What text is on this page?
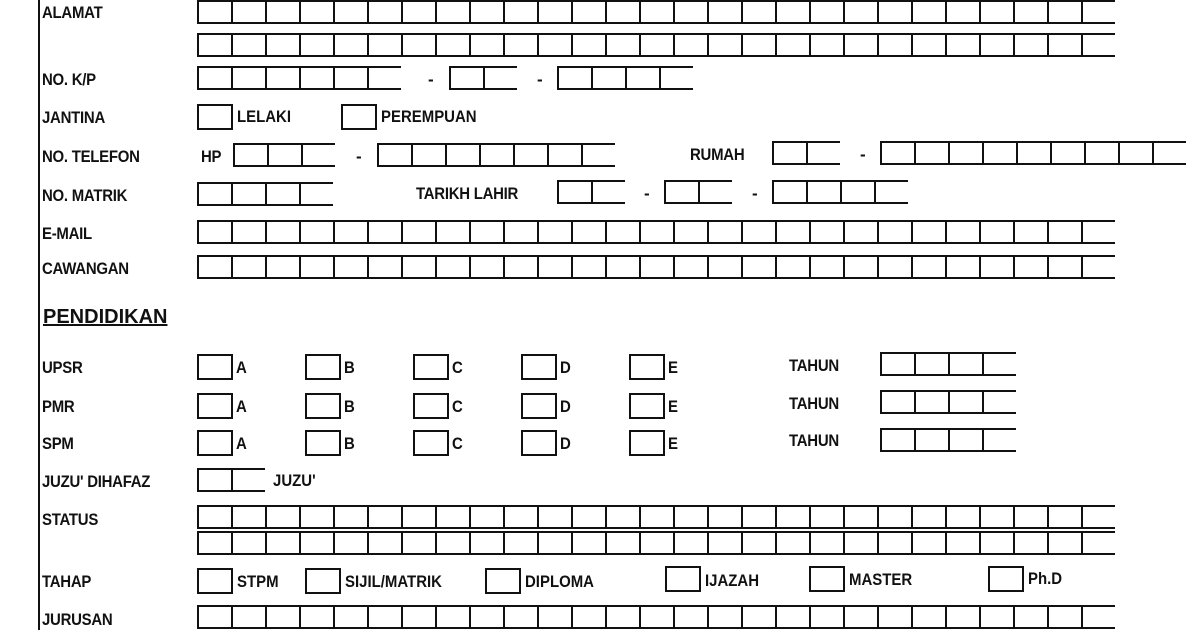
ALAMAT
NO. K/P	-	-
JANTINA	LELAKI	PEREMPUAN
NO. TELEFON	HP	-	RUMAH	-
NO. MATRIK	TARIKH LAHIR	-	-
E-MAIL
CAWANGAN
PENDIDIKAN
UPSR	A	B	C	D	E	TAHUN
PMR	A	B	C	D	E	TAHUN
SPM	A	B	C	D	E	TAHUN
JUZU' DIHAFAZ	JUZU'
STATUS
TAHAP	STPM	SIJIL/MATRIK	DIPLOMA	IJAZAH	MASTER	Ph.D
JURUSAN
